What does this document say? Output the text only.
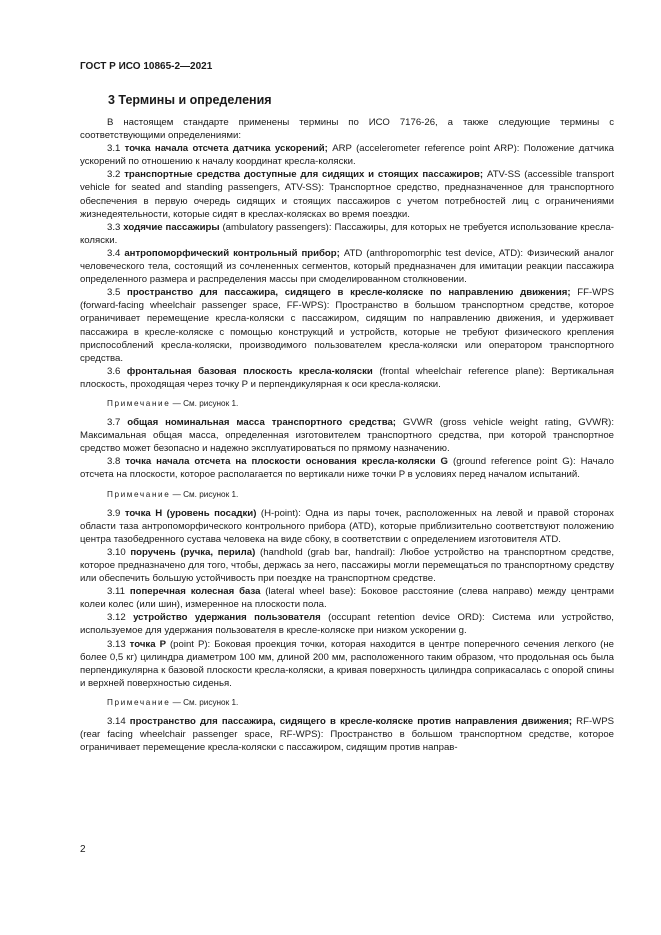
ГОСТ Р ИСО 10865-2—2021
3 Термины и определения

В настоящем стандарте применены термины по ИСО 7176-26, а также следующие термины с соответствующими определениями:

3.1 точка начала отсчета датчика ускорений; ARP (accelerometer reference point ARP): Положение датчика ускорений по отношению к началу координат кресла-коляски.

3.2 транспортные средства доступные для сидящих и стоящих пассажиров; ATV-SS (accessible transport vehicle for seated and standing passengers, ATV-SS): Транспортное средство, предназначенное для транспортного обеспечения в первую очередь сидящих и стоящих пассажиров с учетом потребностей лиц с ограничениями жизнедеятельности, которые сидят в креслах-колясках во время поездки.

3.3 ходячие пассажиры (ambulatory passengers): Пассажиры, для которых не требуется использование кресла-коляски.

3.4 антропоморфический контрольный прибор; ATD (anthropomorphic test device, ATD): Физический аналог человеческого тела, состоящий из сочлененных сегментов, который предназначен для имитации реакции пассажира определенного размера и распределения массы при смоделированном столкновении.

3.5 пространство для пассажира, сидящего в кресле-коляске по направлению движения; FF-WPS (forward-facing wheelchair passenger space, FF-WPS): Пространство в большом транспортном средстве, которое ограничивает перемещение кресла-коляски с пассажиром, сидящим по направлению движения, и удерживает пассажира в кресле-коляске с помощью конструкций и устройств, которые не требуют физического крепления приспособлений кресла-коляски, производимого пользователем кресла-коляски или оператором транспортного средства.

3.6 фронтальная базовая плоскость кресла-коляски (frontal wheelchair reference plane): Вертикальная плоскость, проходящая через точку P и перпендикулярная к оси кресла-коляски.

Примечание — См. рисунок 1.

3.7 общая номинальная масса транспортного средства; GVWR (gross vehicle weight rating, GVWR): Максимальная общая масса, определенная изготовителем транспортного средства, при которой транспортное средство может безопасно и надежно эксплуатироваться по прямому назначению.

3.8 точка начала отсчета на плоскости основания кресла-коляски G (ground reference point G): Начало отсчета на плоскости, которое располагается по вертикали ниже точки P в условиях перед началом испытаний.

Примечание — См. рисунок 1.

3.9 точка H (уровень посадки) (H-point): Одна из пары точек, расположенных на левой и правой сторонах области таза антропоморфического контрольного прибора (ATD), которые приблизительно соответствуют положению центра тазобедренного сустава человека на виде сбоку, в соответствии с определением изготовителя ATD.

3.10 поручень (ручка, перила) (handhold (grab bar, handrail): Любое устройство на транспортном средстве, которое предназначено для того, чтобы, держась за него, пассажиры могли перемещаться по транспортному средству или обеспечить большую устойчивость при поездке на транспортном средстве.

3.11 поперечная колесная база (lateral wheel base): Боковое расстояние (слева направо) между центрами колеи колес (или шин), измеренное на плоскости пола.

3.12 устройство удержания пользователя (occupant retention device ORD): Система или устройство, используемое для удержания пользователя в кресле-коляске при низком ускорении g.

3.13 точка P (point P): Боковая проекция точки, которая находится в центре поперечного сечения легкого (не более 0,5 кг) цилиндра диаметром 100 мм, длиной 200 мм, расположенного таким образом, что продольная ось была перпендикулярна к базовой плоскости кресла-коляски, а кривая поверхность цилиндра соприкасалась с опорой спины и верхней поверхностью сиденья.

Примечание — См. рисунок 1.

3.14 пространство для пассажира, сидящего в кресле-коляске против направления движения; RF-WPS (rear facing wheelchair passenger space, RF-WPS): Пространство в большом транспортном средстве, которое ограничивает перемещение кресла-коляски с пассажиром, сидящим против направ-

2
